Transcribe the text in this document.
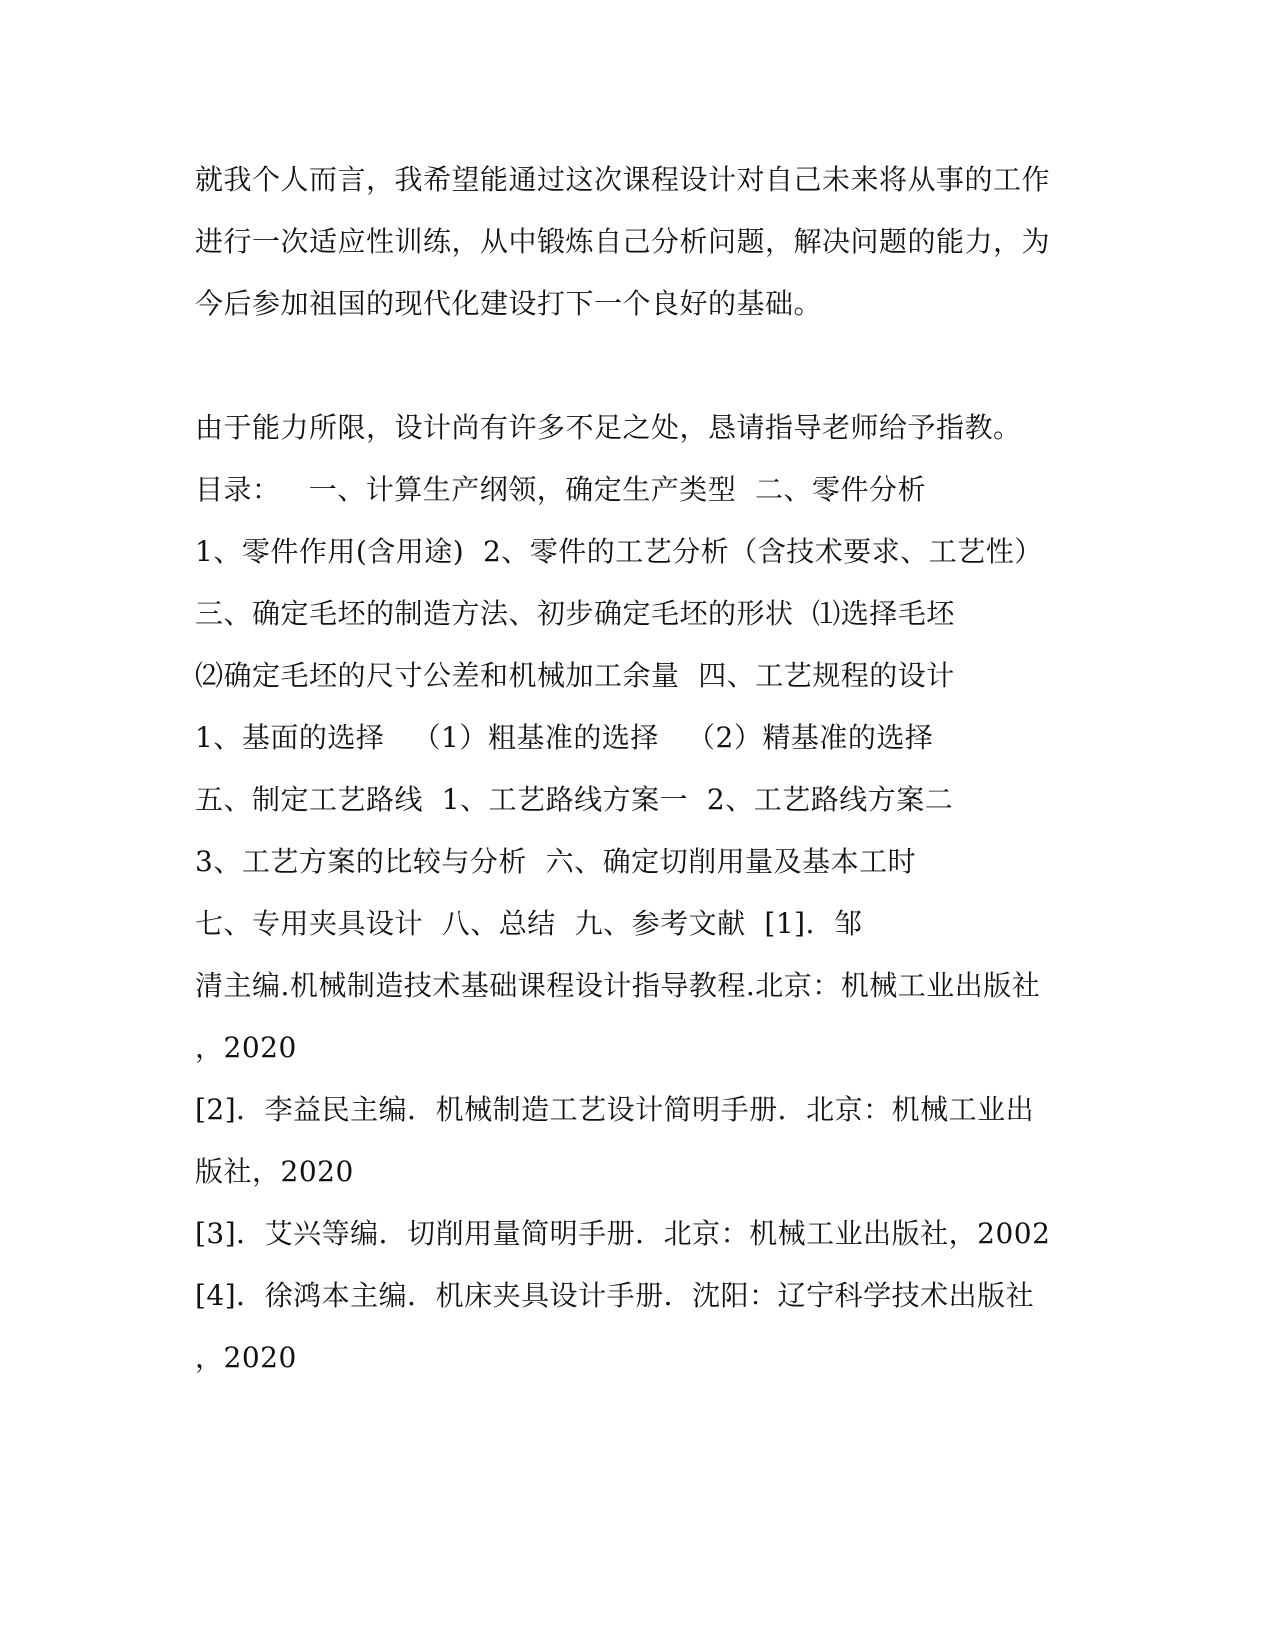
就我个人而言，我希望能通过这次课程设计对自己未来将从事的工作

进行一次适应性训练，从中锻炼自己分析问题，解决问题的能力，为

今后参加祖国的现代化建设打下一个良好的基础。

由于能力所限，设计尚有许多不足之处，恳请指导老师给予指教。

目录：   一、计算生产纲领，确定生产类型  二、零件分析

1、零件作用(含用途)  2、零件的工艺分析（含技术要求、工艺性）

三、确定毛坯的制造方法、初步确定毛坯的形状  ⑴选择毛坯

⑵确定毛坯的尺寸公差和机械加工余量  四、工艺规程的设计

1、基面的选择   （1）粗基准的选择   （2）精基准的选择

五、制定工艺路线  1、工艺路线方案一  2、工艺路线方案二

3、工艺方案的比较与分析  六、确定切削用量及基本工时

七、专用夹具设计  八、总结  九、参考文献  [1]．邹

清主编.机械制造技术基础课程设计指导教程.北京：机械工业出版社

，2020

[2]．李益民主编．机械制造工艺设计简明手册．北京：机械工业出

版社，2020

[3]．艾兴等编．切削用量简明手册．北京：机械工业出版社，2002

[4]．徐鸿本主编．机床夹具设计手册．沈阳：辽宁科学技术出版社

，2020
